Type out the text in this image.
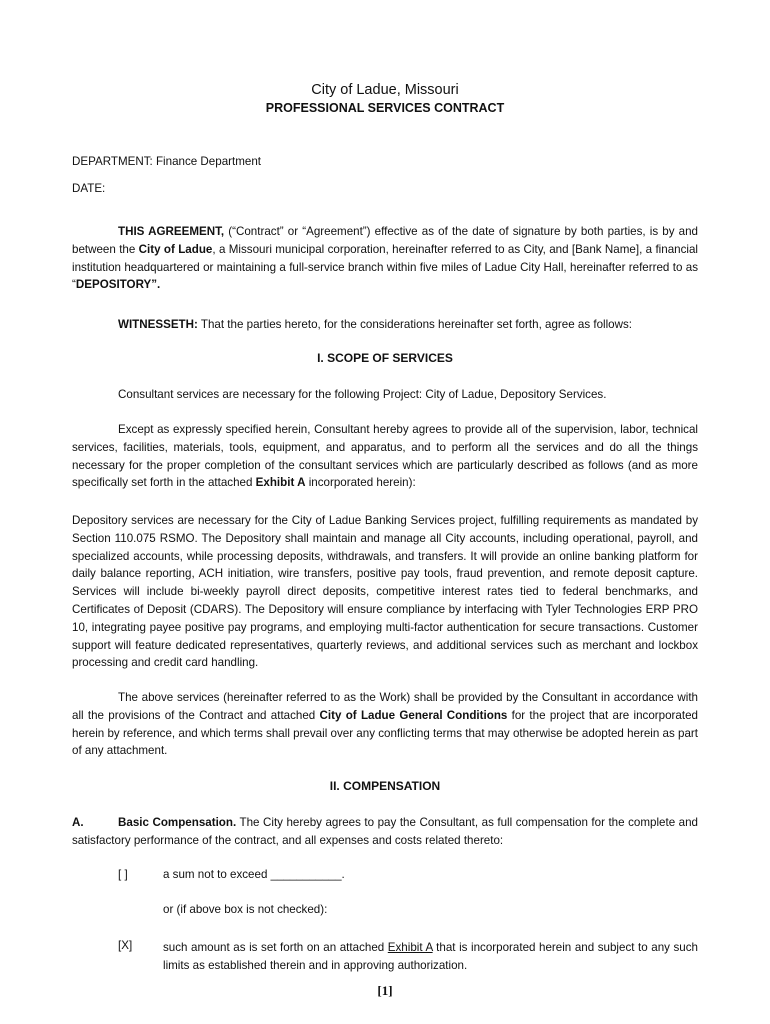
City of Ladue, Missouri
PROFESSIONAL SERVICES CONTRACT
DEPARTMENT: Finance Department
DATE:
THIS AGREEMENT, (“Contract” or “Agreement”) effective as of the date of signature by both parties, is by and between the City of Ladue, a Missouri municipal corporation, hereinafter referred to as City, and [Bank Name], a financial institution headquartered or maintaining a full-service branch within five miles of Ladue City Hall, hereinafter referred to as “DEPOSITORY”.
WITNESSETH: That the parties hereto, for the considerations hereinafter set forth, agree as follows:
I. SCOPE OF SERVICES
Consultant services are necessary for the following Project: City of Ladue, Depository Services.
Except as expressly specified herein, Consultant hereby agrees to provide all of the supervision, labor, technical services, facilities, materials, tools, equipment, and apparatus, and to perform all the services and do all the things necessary for the proper completion of the consultant services which are particularly described as follows (and as more specifically set forth in the attached Exhibit A incorporated herein):
Depository services are necessary for the City of Ladue Banking Services project, fulfilling requirements as mandated by Section 110.075 RSMO. The Depository shall maintain and manage all City accounts, including operational, payroll, and specialized accounts, while processing deposits, withdrawals, and transfers. It will provide an online banking platform for daily balance reporting, ACH initiation, wire transfers, positive pay tools, fraud prevention, and remote deposit capture. Services will include bi-weekly payroll direct deposits, competitive interest rates tied to federal benchmarks, and Certificates of Deposit (CDARS). The Depository will ensure compliance by interfacing with Tyler Technologies ERP PRO 10, integrating payee positive pay programs, and employing multi-factor authentication for secure transactions. Customer support will feature dedicated representatives, quarterly reviews, and additional services such as merchant and lockbox processing and credit card handling.
The above services (hereinafter referred to as the Work) shall be provided by the Consultant in accordance with all the provisions of the Contract and attached City of Ladue General Conditions for the project that are incorporated herein by reference, and which terms shall prevail over any conflicting terms that may otherwise be adopted herein as part of any attachment.
II. COMPENSATION
A.	Basic Compensation. The City hereby agrees to pay the Consultant, as full compensation for the complete and satisfactory performance of the contract, and all expenses and costs related thereto:
[ ]	a sum not to exceed ___________.
or (if above box is not checked):
[X]	such amount as is set forth on an attached Exhibit A that is incorporated herein and subject to any such limits as established therein and in approving authorization.
[1]
